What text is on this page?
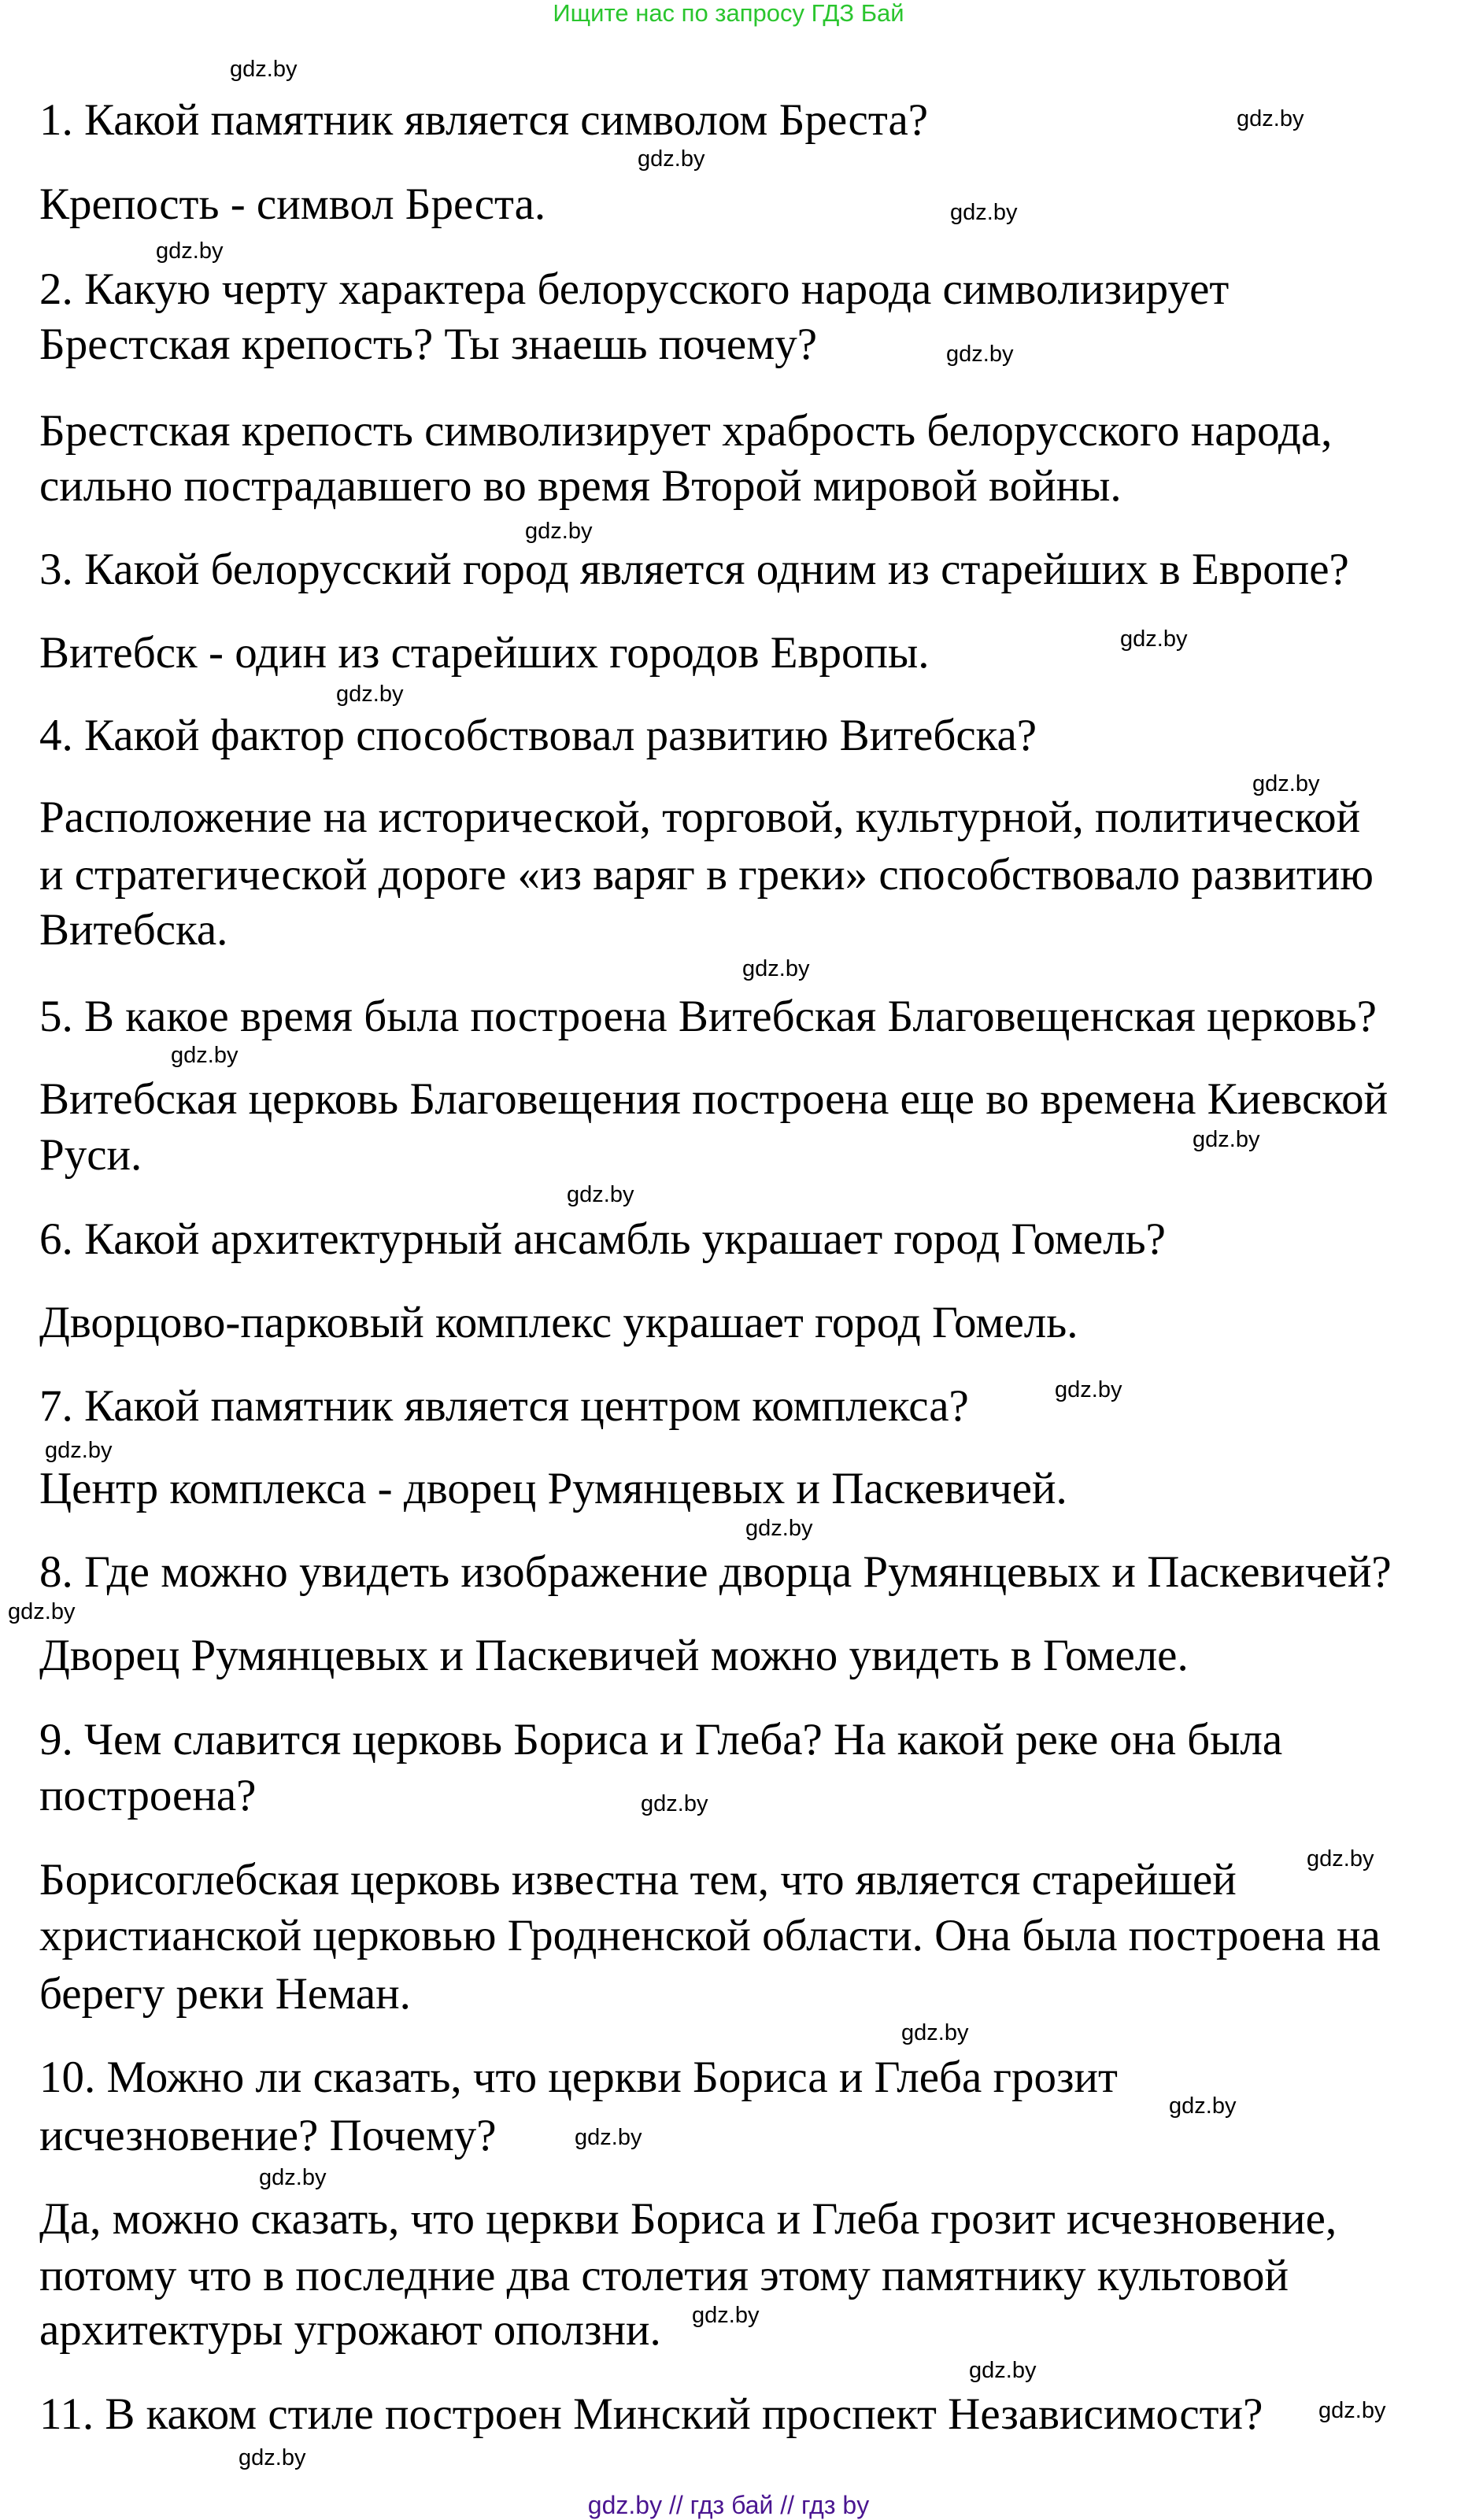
Ищите нас по запросу ГДЗ Бай
1. Какой памятник является символом Бреста?
Крепость - символ Бреста.
2. Какую черту характера белорусского народа символизирует
Брестская крепость? Ты знаешь почему?
Брестская крепость символизирует храбрость белорусского народа,
сильно пострадавшего во время Второй мировой войны.
3. Какой белорусский город является одним из старейших в Европе?
Витебск - один из старейших городов Европы.
4. Какой фактор способствовал развитию Витебска?
Расположение на исторической, торговой, культурной, политической
и стратегической дороге «из варяг в греки» способствовало развитию
Витебска.
5. В какое время была построена Витебская Благовещенская церковь?
Витебская церковь Благовещения построена еще во времена Киевской
Руси.
6. Какой архитектурный ансамбль украшает город Гомель?
Дворцово-парковый комплекс украшает город Гомель.
7. Какой памятник является центром комплекса?
Центр комплекса - дворец Румянцевых и Паскевичей.
8. Где можно увидеть изображение дворца Румянцевых и Паскевичей?
Дворец Румянцевых и Паскевичей можно увидеть в Гомеле.
9. Чем славится церковь Бориса и Глеба? На какой реке она была
построена?
Борисоглебская церковь известна тем, что является старейшей
христианской церковью Гродненской области. Она была построена на
берегу реки Неман.
10. Можно ли сказать, что церкви Бориса и Глеба грозит
исчезновение? Почему?
Да, можно сказать, что церкви Бориса и Глеба грозит исчезновение,
потому что в последние два столетия этому памятнику культовой
архитектуры угрожают оползни.
11. В каком стиле построен Минский проспект Независимости?
gdz.by
gdz.by
gdz.by
gdz.by
gdz.by
gdz.by
gdz.by
gdz.by
gdz.by
gdz.by
gdz.by
gdz.by
gdz.by
gdz.by
gdz.by
gdz.by
gdz.by
gdz.by
gdz.by
gdz.by
gdz.by
gdz.by
gdz.by
gdz.by
gdz.by
gdz.by
gdz.by
gdz.by
gdz.by // гдз бай // гдз by
